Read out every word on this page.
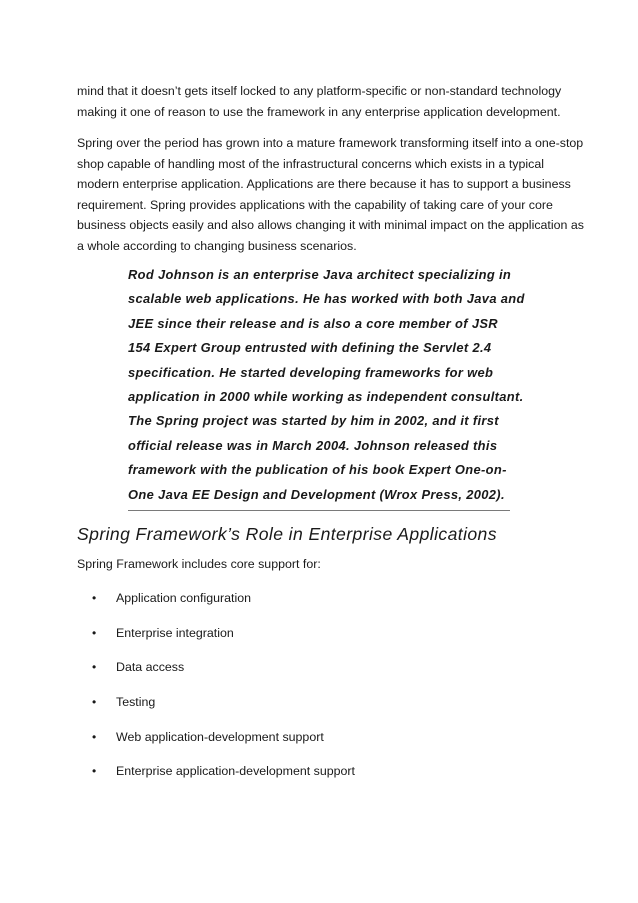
mind that it doesn’t gets itself locked to any platform-specific or non-standard technology
making it one of reason to use the framework in any enterprise application development.

Spring over the period has grown into a mature framework transforming itself into a one-stop
shop capable of handling most of the infrastructural concerns which exists in a typical
modern enterprise application. Applications are there because it has to support a business
requirement. Spring provides applications with the capability of taking care of your core
business objects easily and also allows changing it with minimal impact on the application as
a whole according to changing business scenarios.

Rod Johnson is an enterprise Java architect specializing in
scalable web applications. He has worked with both Java and
JEE since their release and is also a core member of JSR
154 Expert Group entrusted with defining the Servlet 2.4
specification. He started developing frameworks for web
application in 2000 while working as independent consultant.
The Spring project was started by him in 2002, and it first
official release was in March 2004. Johnson released this
framework with the publication of his book Expert One-on-
One Java EE Design and Development (Wrox Press, 2002).
Spring Framework’s Role in Enterprise Applications

Spring Framework includes core support for:

•	Application configuration
•	Enterprise integration
•	Data access
•	Testing
•	Web application-development support
•	Enterprise application-development support
